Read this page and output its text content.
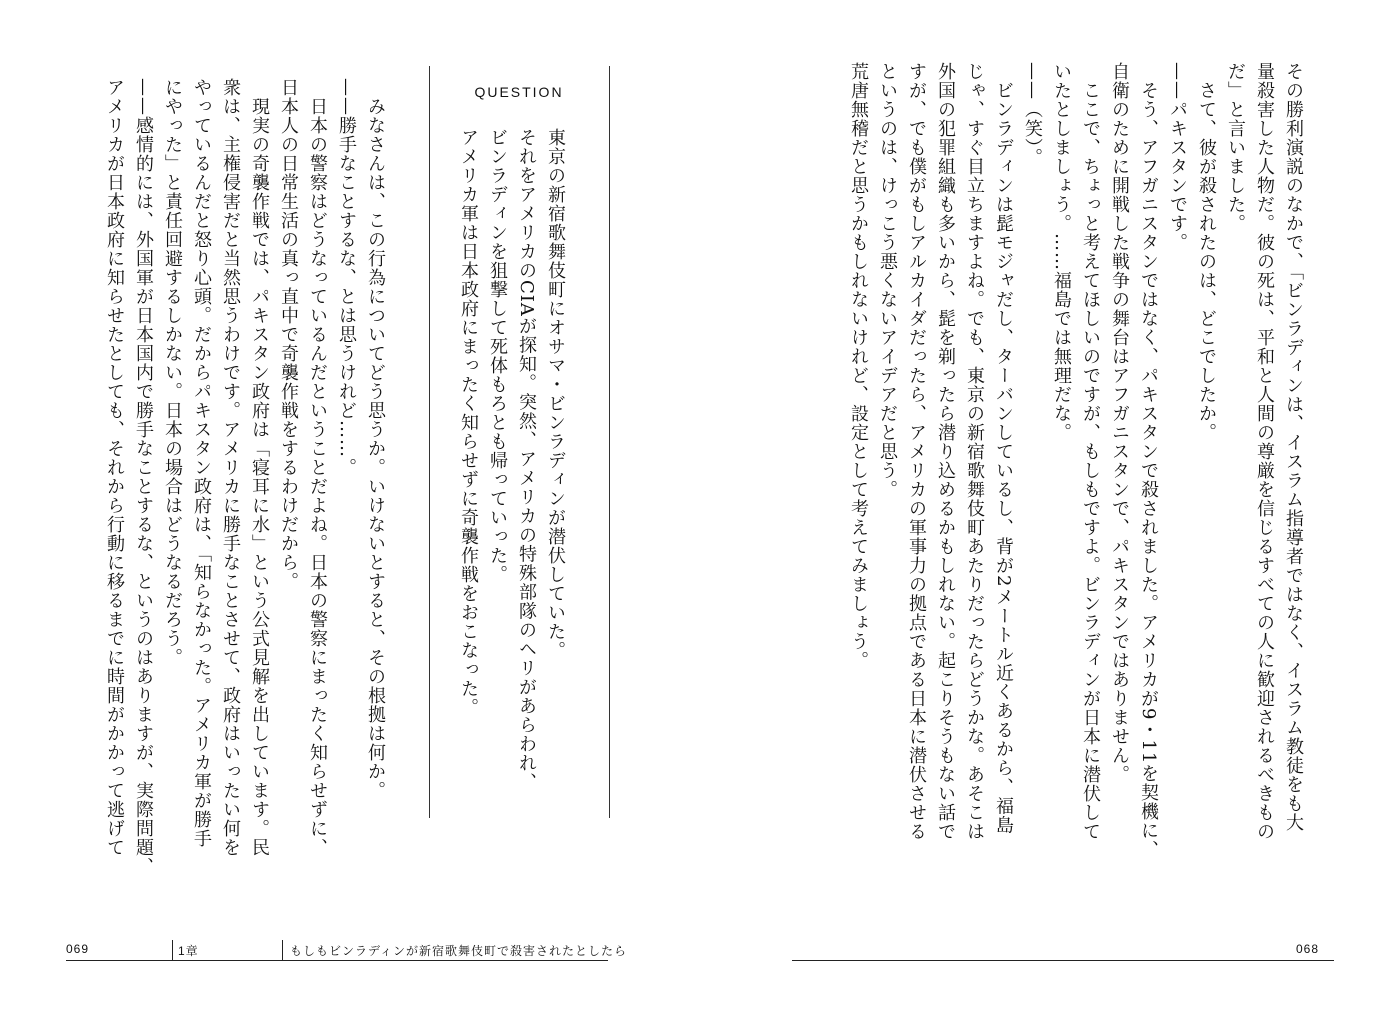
その勝利演説のなかで、「ビンラディンは、イスラム指導者ではなく、イスラム教徒をも大

量殺害した人物だ。彼の死は、平和と人間の尊厳を信じるすべての人に歓迎されるべきもの

だ」と言いました。

　さて、彼が殺されたのは、どこでしたか。

——パキスタンです。

　そう、アフガニスタンではなく、パキスタンで殺されました。アメリカが9・11を契機に、

自衛のために開戦した戦争の舞台はアフガニスタンで、パキスタンではありません。

　ここで、ちょっと考えてほしいのですが、もしもですよ。ビンラディンが日本に潜伏して

いたとしましょう。……福島では無理だな。

——（笑）。

　ビンラディンは髭モジャだし、ターバンしているし、背が2メートル近くあるから、福島

じゃ、すぐ目立ちますよね。でも、東京の新宿歌舞伎町あたりだったらどうかな。あそこは

外国の犯罪組織も多いから、髭を剃ったら潜り込めるかもしれない。起こりそうもない話で

すが、でも僕がもしアルカイダだったら、アメリカの軍事力の拠点である日本に潜伏させる

というのは、けっこう悪くないアイデアだと思う。

荒唐無稽だと思うかもしれないけれど、設定として考えてみましょう。

QUESTION

東京の新宿歌舞伎町にオサマ・ビンラディンが潜伏していた。

それをアメリカのCIAが探知。突然、アメリカの特殊部隊のヘリがあらわれ、

ビンラディンを狙撃して死体もろとも帰っていった。

アメリカ軍は日本政府にまったく知らせずに奇襲作戦をおこなった。

　みなさんは、この行為についてどう思うか。いけないとすると、その根拠は何か。

——勝手なことするな、とは思うけれど……。

　日本の警察はどうなっているんだということだよね。日本の警察にまったく知らせずに、

日本人の日常生活の真っ直中で奇襲作戦をするわけだから。

　現実の奇襲作戦では、パキスタン政府は「寝耳に水」という公式見解を出しています。民

衆は、主権侵害だと当然思うわけです。アメリカに勝手なことさせて、政府はいったい何を

やっているんだと怒り心頭。だからパキスタン政府は、「知らなかった。アメリカ軍が勝手

にやった」と責任回避するしかない。日本の場合はどうなるだろう。

——感情的には、外国軍が日本国内で勝手なことするな、というのはありますが、実際問題、

アメリカが日本政府に知らせたとしても、それから行動に移るまでに時間がかかって逃げて

069	1章	もしもビンラディンが新宿歌舞伎町で殺害されたとしたら	068
